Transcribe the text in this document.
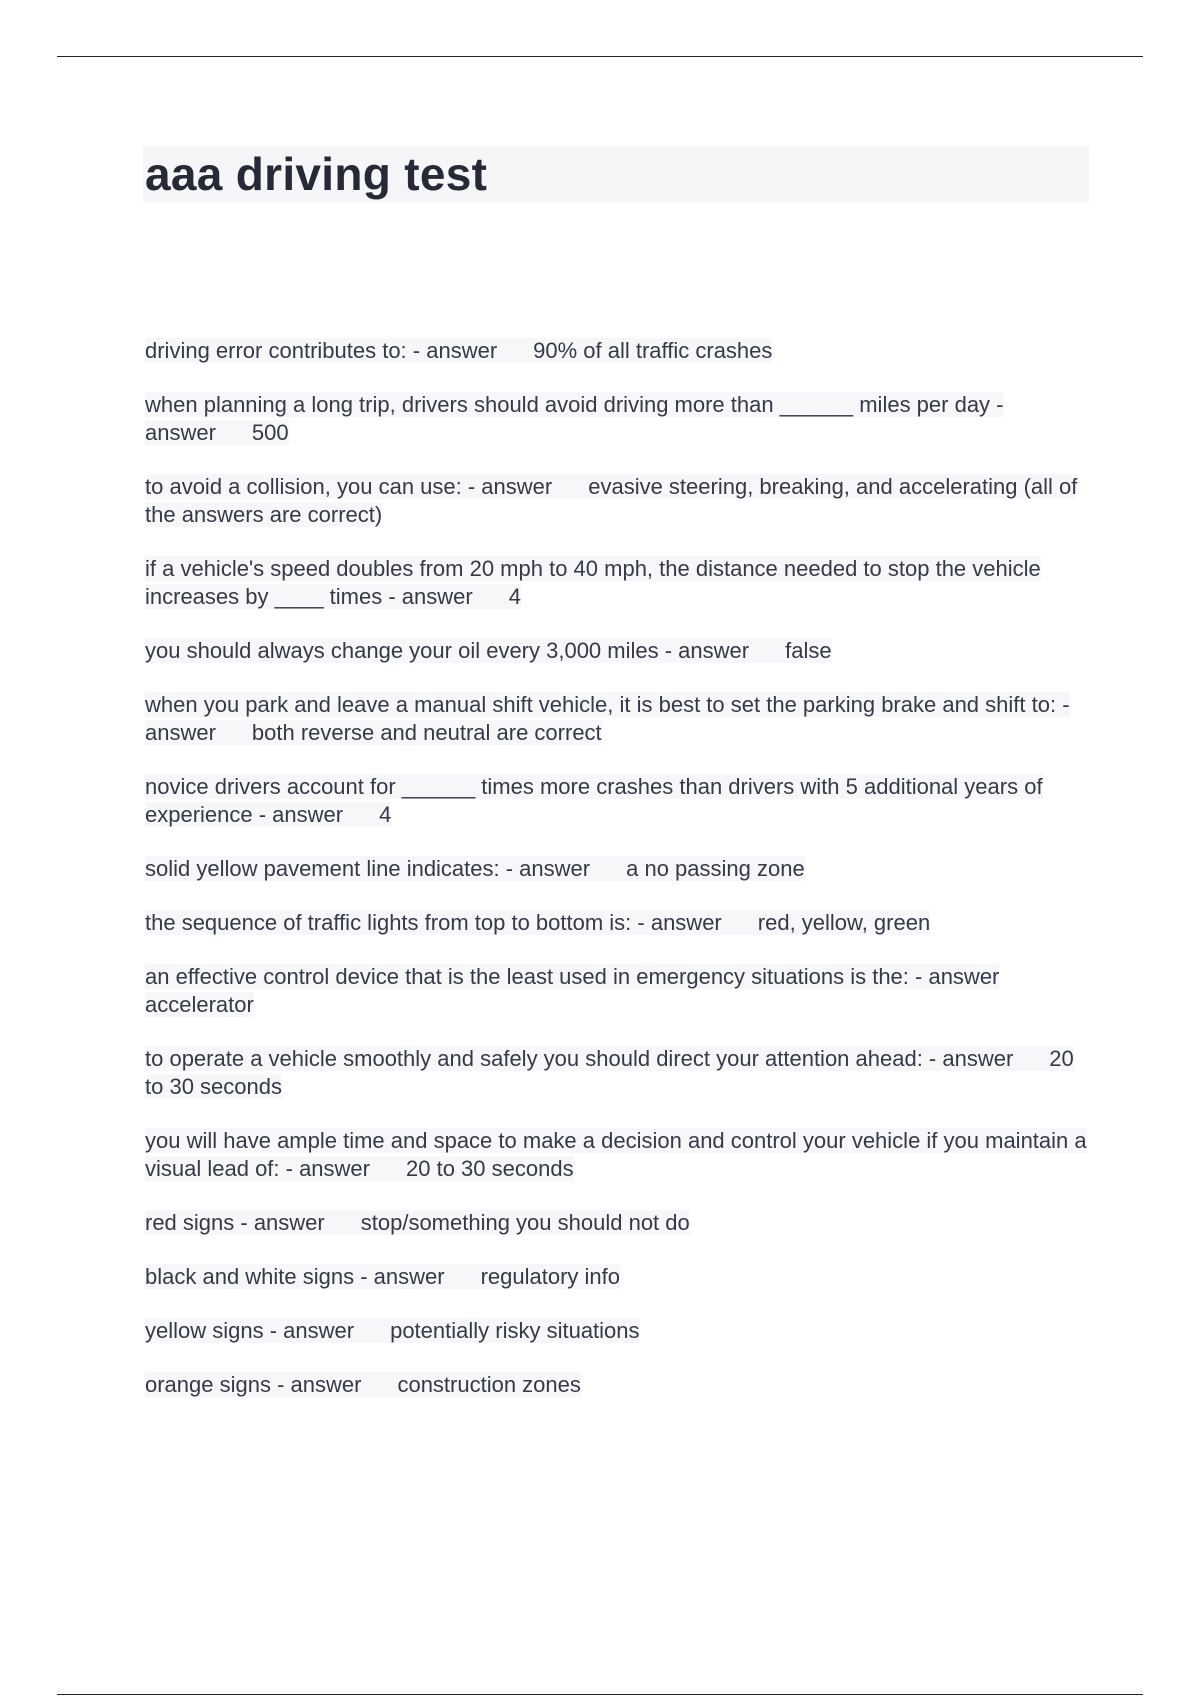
aaa driving test
driving error contributes to: - answer 90% of all traffic crashes
when planning a long trip, drivers should avoid driving more than ______ miles per day - answer 500
to avoid a collision, you can use: - answer evasive steering, breaking, and accelerating (all of the answers are correct)
if a vehicle's speed doubles from 20 mph to 40 mph, the distance needed to stop the vehicle increases by ____ times - answer 4
you should always change your oil every 3,000 miles - answer false
when you park and leave a manual shift vehicle, it is best to set the parking brake and shift to: - answer both reverse and neutral are correct
novice drivers account for ______ times more crashes than drivers with 5 additional years of experience - answer 4
solid yellow pavement line indicates: - answer a no passing zone
the sequence of traffic lights from top to bottom is: - answer red, yellow, green
an effective control device that is the least used in emergency situations is the: - answer accelerator
to operate a vehicle smoothly and safely you should direct your attention ahead: - answer 20 to 30 seconds
you will have ample time and space to make a decision and control your vehicle if you maintain a visual lead of: - answer 20 to 30 seconds
red signs - answer stop/something you should not do
black and white signs - answer regulatory info
yellow signs - answer potentially risky situations
orange signs - answer construction zones
